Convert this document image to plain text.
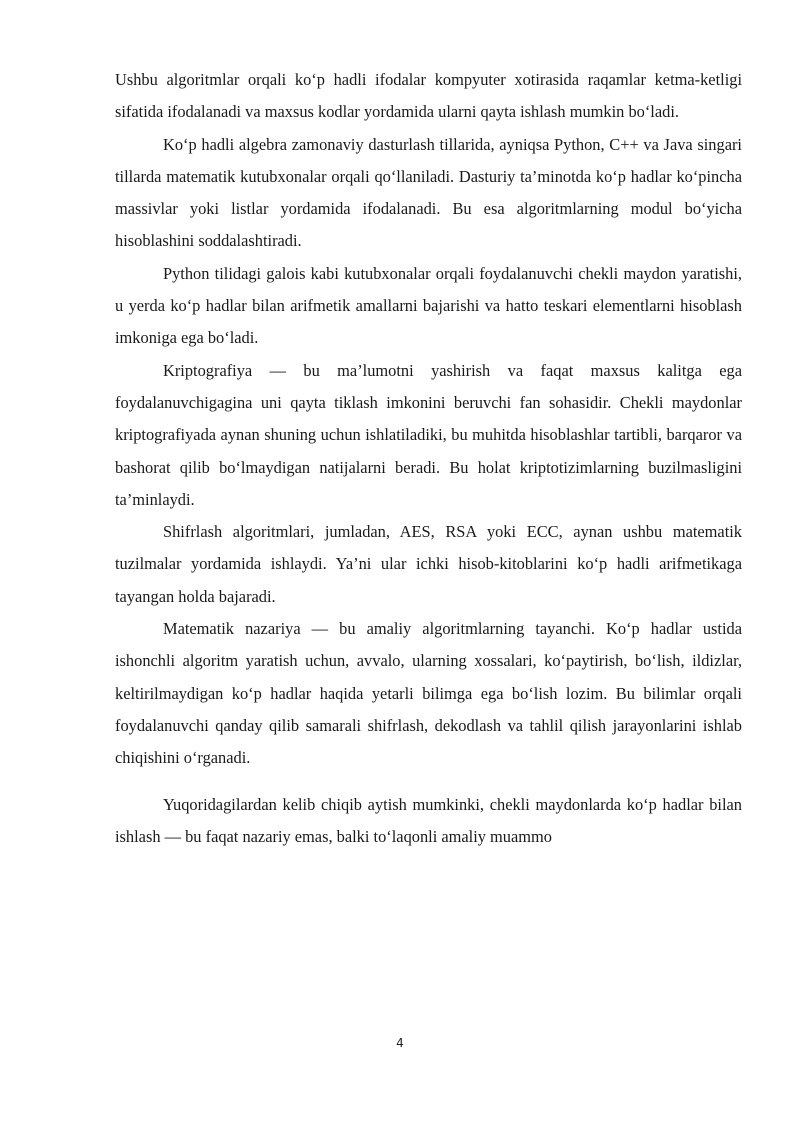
Ushbu algoritmlar orqali ko‘p hadli ifodalar kompyuter xotirasida raqamlar ketma-ketligi sifatida ifodalanadi va maxsus kodlar yordamida ularni qayta ishlash mumkin bo‘ladi.

Ko‘p hadli algebra zamonaviy dasturlash tillarida, ayniqsa Python, C++ va Java singari tillarda matematik kutubxonalar orqali qo‘llaniladi. Dasturiy ta’minotda ko‘p hadlar ko‘pincha massivlar yoki listlar yordamida ifodalanadi. Bu esa algoritmlarning modul bo‘yicha hisoblashini soddalashtiradi.

Python tilidagi galois kabi kutubxonalar orqali foydalanuvchi chekli maydon yaratishi, u yerda ko‘p hadlar bilan arifmetik amallarni bajarishi va hatto teskari elementlarni hisoblash imkoniga ega bo‘ladi.

Kriptografiya — bu ma’lumotni yashirish va faqat maxsus kalitga ega foydalanuvchigagina uni qayta tiklash imkonini beruvchi fan sohasidir. Chekli maydonlar kriptografiyada aynan shuning uchun ishlatiladiki, bu muhitda hisoblashlar tartibli, barqaror va bashorat qilib bo‘lmaydigan natijalarni beradi. Bu holat kriptotizimlarning buzilmasligini ta’minlaydi.

Shifrlash algoritmlari, jumladan, AES, RSA yoki ECC, aynan ushbu matematik tuzilmalar yordamida ishlaydi. Ya’ni ular ichki hisob-kitoblarini ko‘p hadli arifmetikaga tayangan holda bajaradi.

Matematik nazariya — bu amaliy algoritmlarning tayanchi. Ko‘p hadlar ustida ishonchli algoritm yaratish uchun, avvalo, ularning xossalari, ko‘paytirish, bo‘lish, ildizlar, keltirilmaydigan ko‘p hadlar haqida yetarli bilimga ega bo‘lish lozim. Bu bilimlar orqali foydalanuvchi qanday qilib samarali shifrlash, dekodlash va tahlil qilish jarayonlarini ishlab chiqishini o‘rganadi.

Yuqoridagilardan kelib chiqib aytish mumkinki, chekli maydonlarda ko‘p hadlar bilan ishlash — bu faqat nazariy emas, balki to‘laqonli amaliy muammo

4
